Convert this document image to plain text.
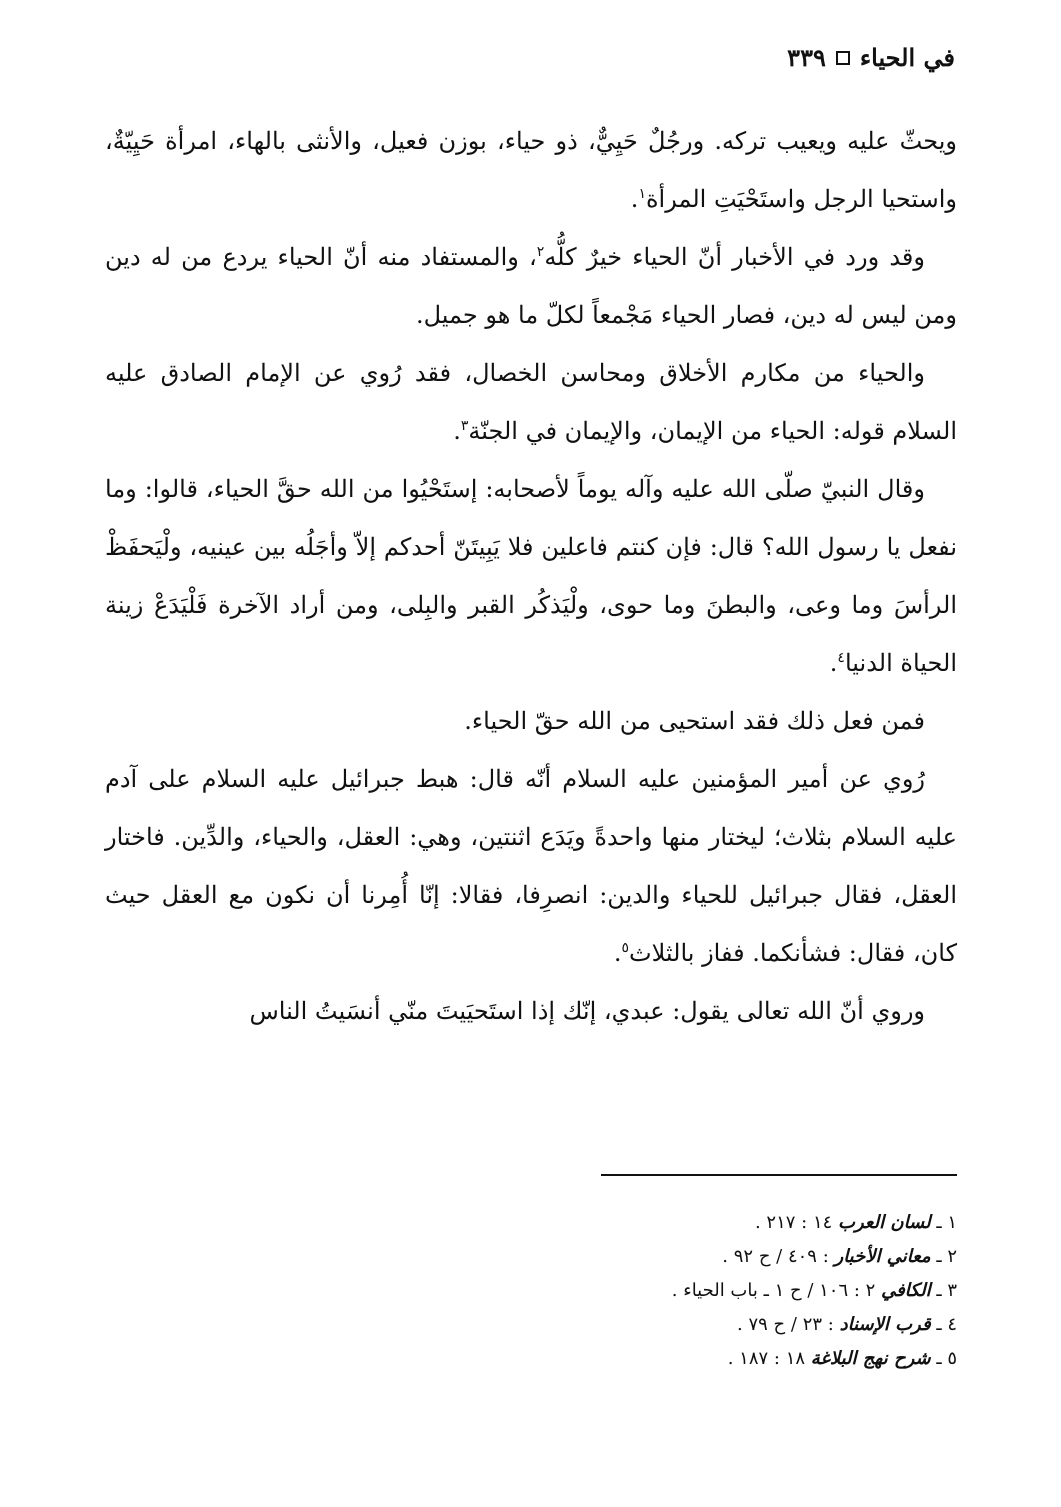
في الحياء
٣٣٩

ويحثّ عليه ويعيب تركه. ورجُلٌ حَيِيٌّ، ذو حياء، بوزن فعيل، والأنثى بالهاء، امرأة حَيِيّةٌ، واستحيا الرجل واستَحْيَتِ المرأة$^١$.

وقد ورد في الأخبار أنّ الحياء خيرٌ كلُّه$^٢$، والمستفاد منه أنّ الحياء يردع من له دين ومن ليس له دين، فصار الحياء مَجْمعاً لكلّ ما هو جميل.

والحياء من مكارم الأخلاق ومحاسن الخصال، فقد رُوي عن الإمام الصادق عليه السلام قوله: الحياء من الإيمان، والإيمان في الجنّة$^٣$.

وقال النبيّ صلّى الله عليه وآله يوماً لأصحابه: إستَحْيُوا من الله حقَّ الحياء، قالوا: وما نفعل يا رسول الله؟ قال: فإن كنتم فاعلين فلا يَبِيتَنّ أحدكم إلاّ وأجَلُه بين عينيه، ولْيَحفَظْ الرأسَ وما وعى، والبطنَ وما حوى، ولْيَذكُر القبر والبِلى، ومن أراد الآخرة فَلْيَدَعْ زينة الحياة الدنيا$^٤$.

فمن فعل ذلك فقد استحيى من الله حقّ الحياء.

رُوي عن أمير المؤمنين عليه السلام أنّه قال: هبط جبرائيل عليه السلام على آدم عليه السلام بثلاث؛ ليختار منها واحدةً ويَدَع اثنتين، وهي: العقل، والحياء، والدِّين. فاختار العقل، فقال جبرائيل للحياء والدين: انصرِفا، فقالا: إنّا أُمِرنا أن نكون مع العقل حيث كان، فقال: فشأنكما. ففاز بالثلاث$^٥$.

وروي أنّ الله تعالى يقول: عبدي، إنّك إذا استَحيَيتَ منّي أنسَيتُ الناس

١ ـ لسان العرب ١٤ : ٢١٧ .
٢ ـ معاني الأخبار : ٤٠٩ / ح ٩٢ .
٣ ـ الكافي ٢ : ١٠٦ / ح ١ ـ باب الحياء .
٤ ـ قرب الإسناد : ٢٣ / ح ٧٩ .
٥ ـ شرح نهج البلاغة ١٨ : ١٨٧ .
